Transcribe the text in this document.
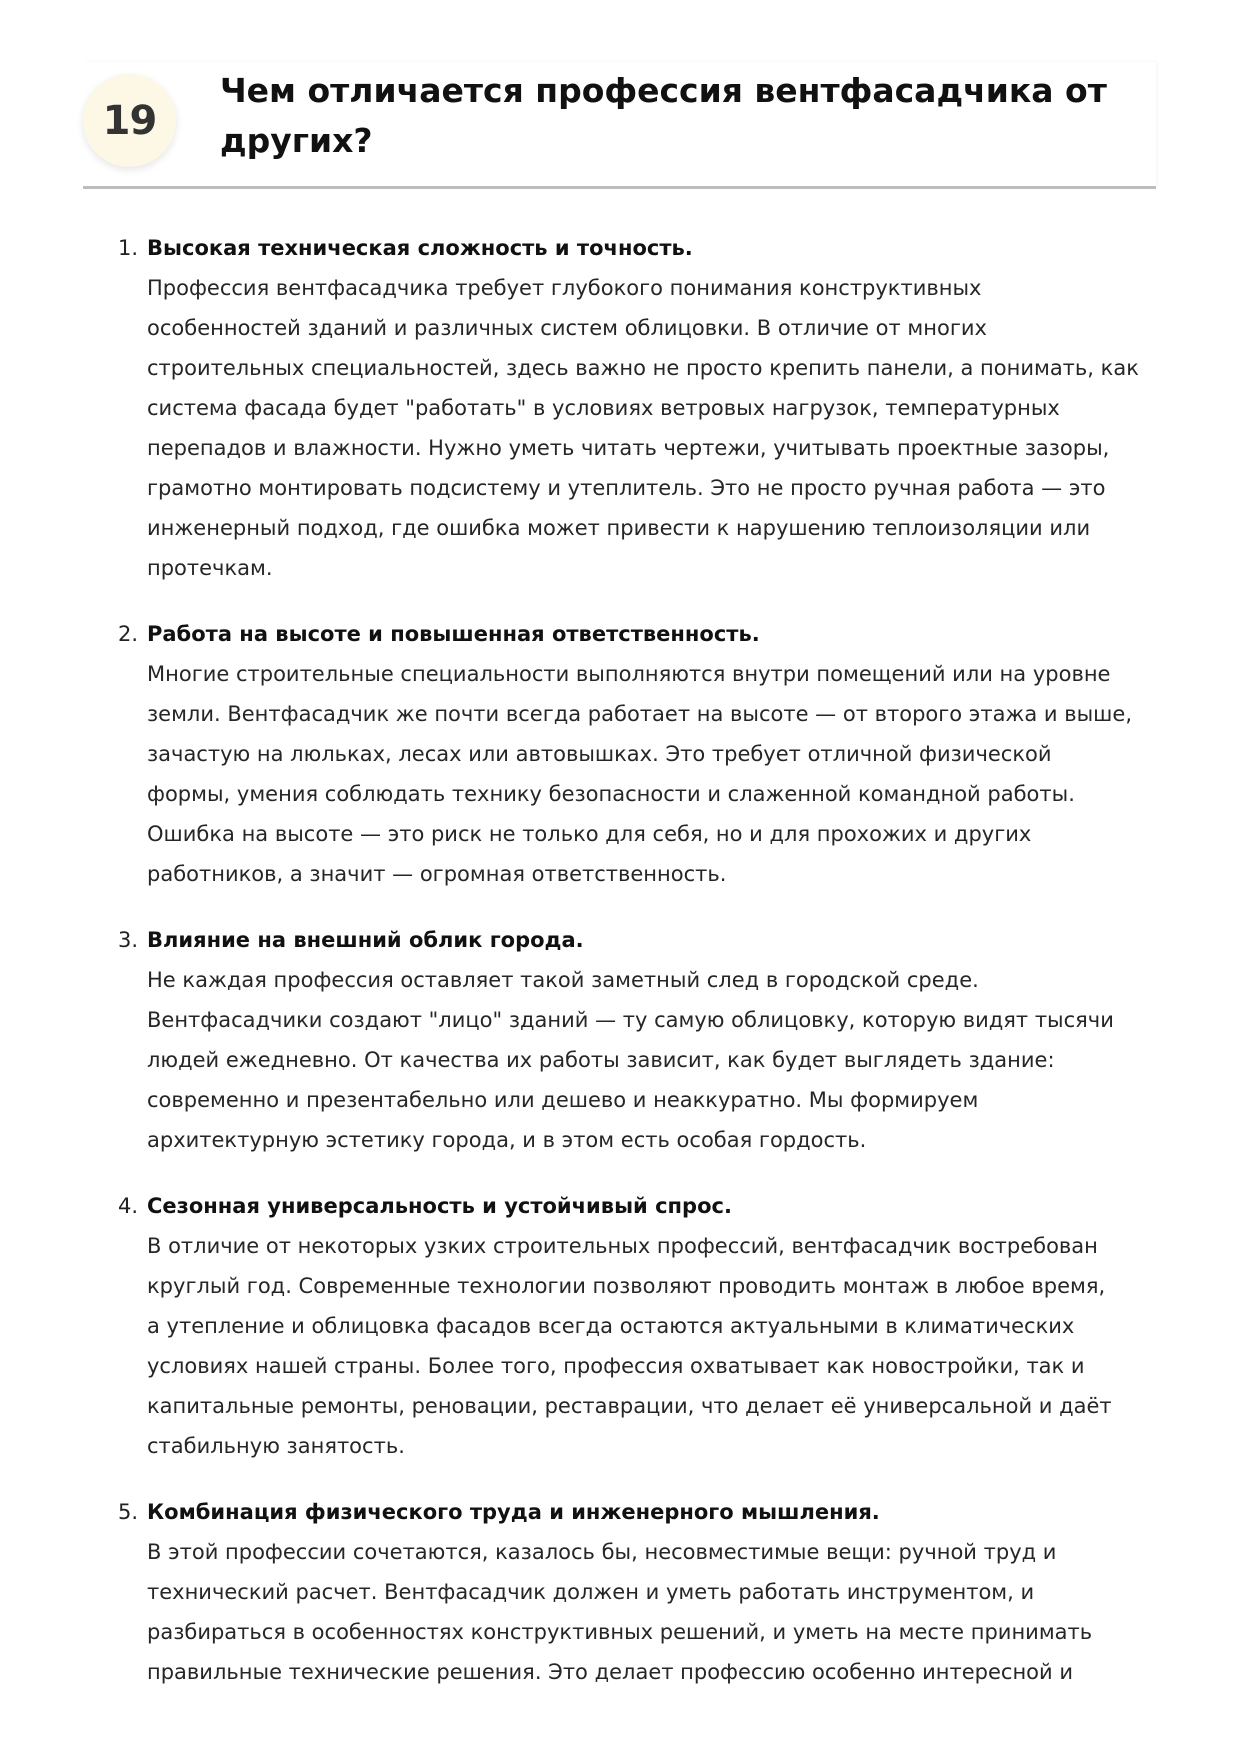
19
Чем отличается профессия вентфасадчика от
других?
1. Высокая техническая сложность и точность.
Профессия вентфасадчика требует глубокого понимания конструктивных
особенностей зданий и различных систем облицовки. В отличие от многих
строительных специальностей, здесь важно не просто крепить панели, а понимать, как
система фасада будет "работать" в условиях ветровых нагрузок, температурных
перепадов и влажности. Нужно уметь читать чертежи, учитывать проектные зазоры,
грамотно монтировать подсистему и утеплитель. Это не просто ручная работа — это
инженерный подход, где ошибка может привести к нарушению теплоизоляции или
протечкам.
2. Работа на высоте и повышенная ответственность.
Многие строительные специальности выполняются внутри помещений или на уровне
земли. Вентфасадчик же почти всегда работает на высоте — от второго этажа и выше,
зачастую на люльках, лесах или автовышках. Это требует отличной физической
формы, умения соблюдать технику безопасности и слаженной командной работы.
Ошибка на высоте — это риск не только для себя, но и для прохожих и других
работников, а значит — огромная ответственность.
3. Влияние на внешний облик города.
Не каждая профессия оставляет такой заметный след в городской среде.
Вентфасадчики создают "лицо" зданий — ту самую облицовку, которую видят тысячи
людей ежедневно. От качества их работы зависит, как будет выглядеть здание:
современно и презентабельно или дешево и неаккуратно. Мы формируем
архитектурную эстетику города, и в этом есть особая гордость.
4. Сезонная универсальность и устойчивый спрос.
В отличие от некоторых узких строительных профессий, вентфасадчик востребован
круглый год. Современные технологии позволяют проводить монтаж в любое время,
а утепление и облицовка фасадов всегда остаются актуальными в климатических
условиях нашей страны. Более того, профессия охватывает как новостройки, так и
капитальные ремонты, реновации, реставрации, что делает её универсальной и даёт
стабильную занятость.
5. Комбинация физического труда и инженерного мышления.
В этой профессии сочетаются, казалось бы, несовместимые вещи: ручной труд и
технический расчет. Вентфасадчик должен и уметь работать инструментом, и
разбираться в особенностях конструктивных решений, и уметь на месте принимать
правильные технические решения. Это делает профессию особенно интересной и
